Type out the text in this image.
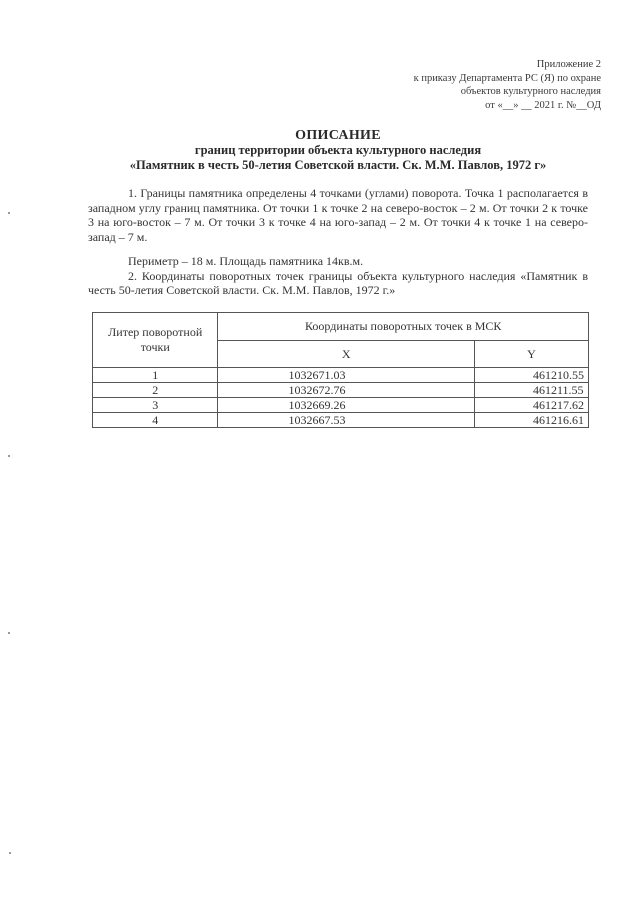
Приложение 2
к приказу Департамента РС (Я) по охране
объектов культурного наследия
от «__» __ 2021 г. №__ОД
ОПИСАНИЕ
границ территории объекта культурного наследия
«Памятник в честь 50-летия Советской власти. Ск. М.М. Павлов, 1972 г»

1. Границы памятника определены 4 точками (углами) поворота. Точка 1 располагается в западном углу границ памятника. От точки 1 к точке 2 на северо-восток – 2 м. От точки 2 к точке 3 на юго-восток – 7 м. От точки 3 к точке 4 на юго-запад – 2 м. От точки 4 к точке 1 на северо-запад – 7 м.

Периметр – 18 м. Площадь памятника 14кв.м.

2. Координаты поворотных точек границы объекта культурного наследия «Памятник в честь 50-летия Советской власти. Ск. М.М. Павлов, 1972 г.»

Литер поворотной точки	Координаты поворотных точек в МСК	
	X	Y
1	1032671.03	461210.55
2	1032672.76	461211.55
3	1032669.26	461217.62
4	1032667.53	461216.61
